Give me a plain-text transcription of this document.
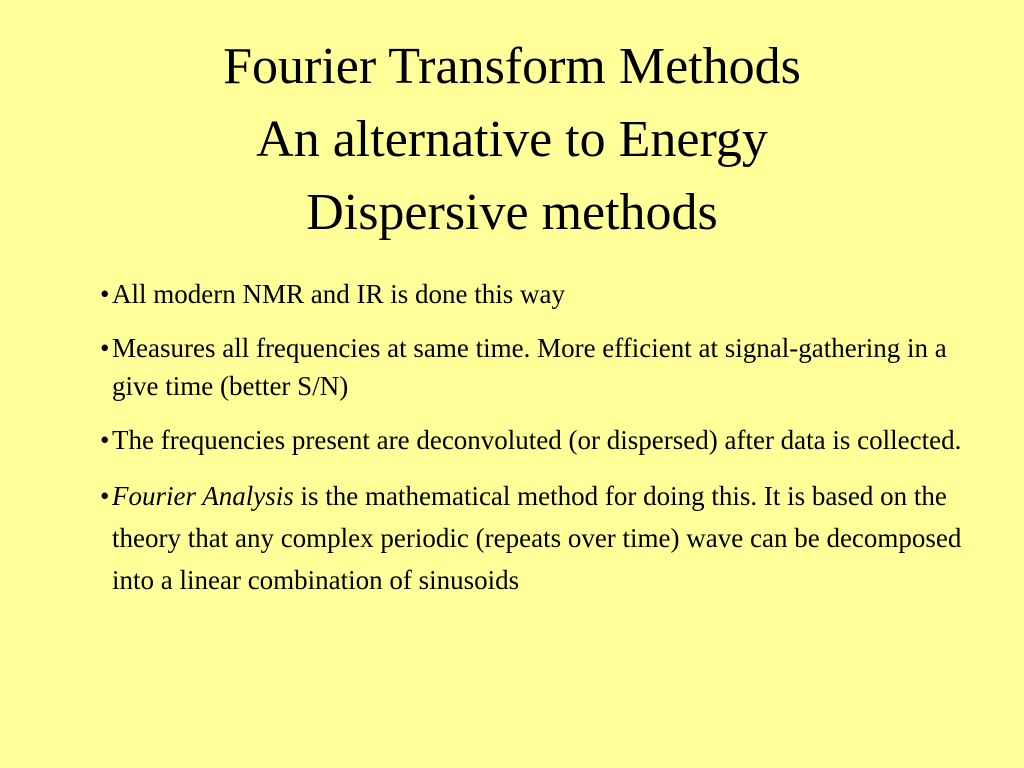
Fourier Transform Methods
An alternative to Energy
Dispersive methods
• All modern NMR and IR is done this way
• Measures all frequencies at same time. More efficient at signal-gathering in a give time (better S/N)
• The frequencies present are deconvoluted (or dispersed) after data is collected.
• Fourier Analysis is the mathematical method for doing this. It is based on the theory that any complex periodic (repeats over time) wave can be decomposed into a linear combination of sinusoids
